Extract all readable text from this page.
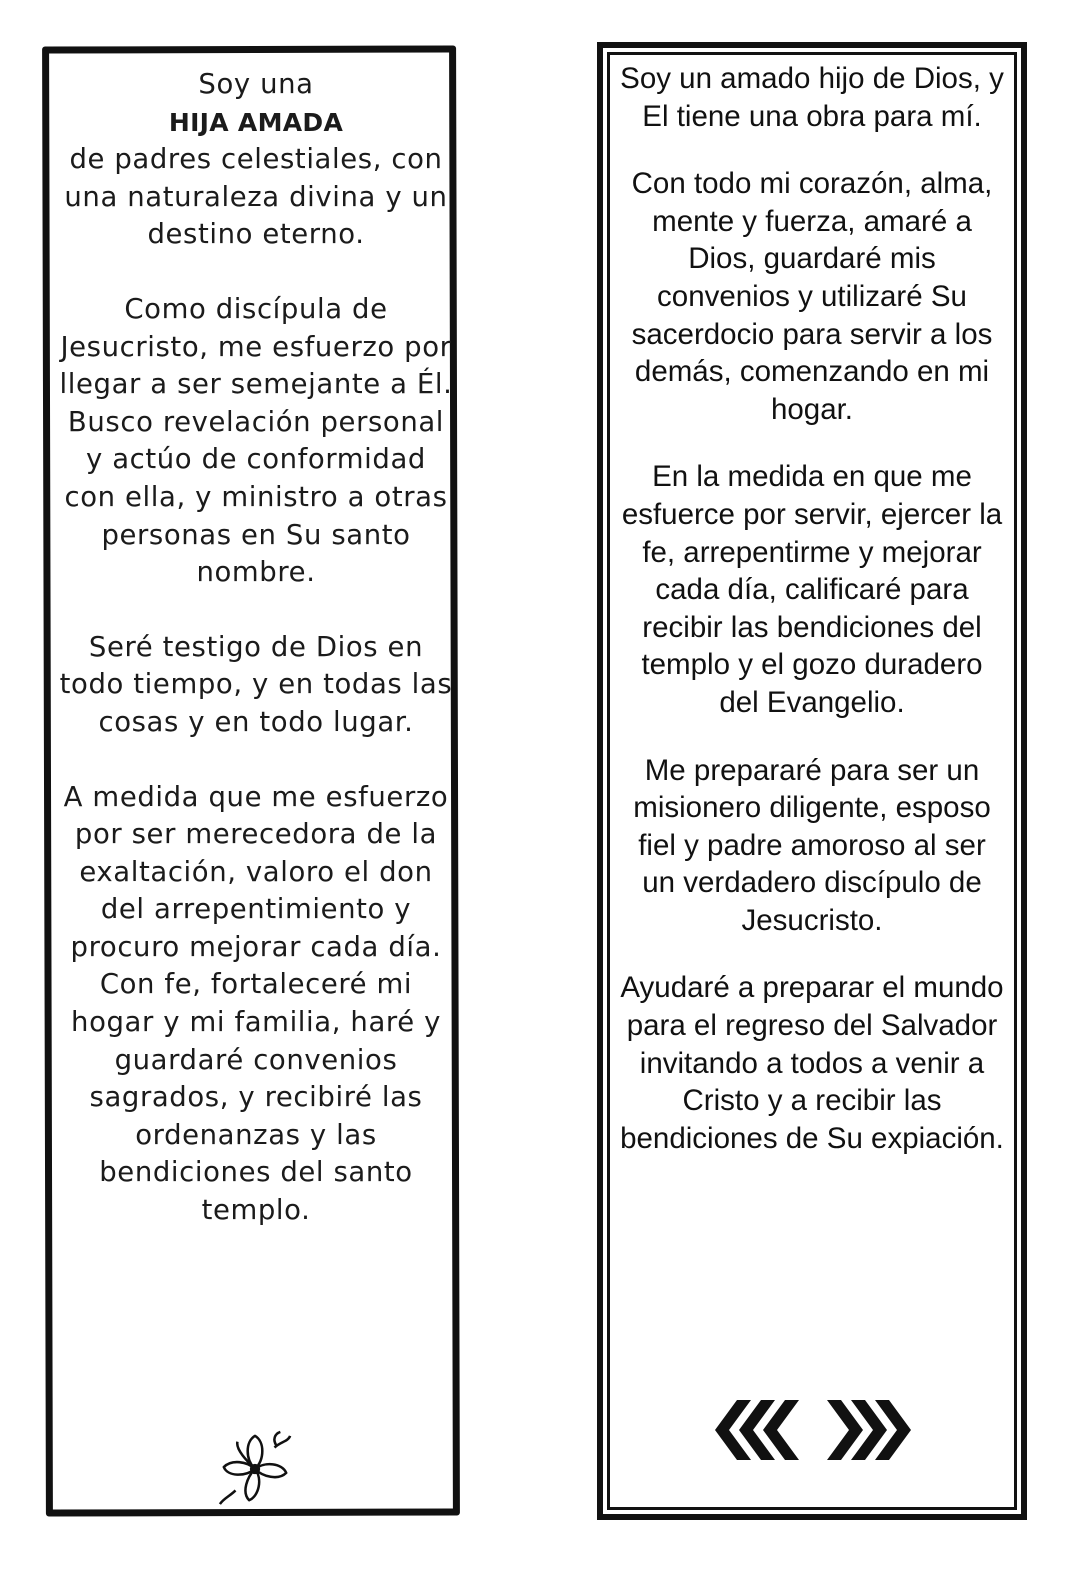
Soy una
HIJA AMADA
de padres celestiales, con una naturaleza divina y un destino eterno.

Como discípula de Jesucristo, me esfuerzo por llegar a ser semejante a Él. Busco revelación personal y actúo de conformidad con ella, y ministro a otras personas en Su santo nombre.

Seré testigo de Dios en todo tiempo, y en todas las cosas y en todo lugar.

A medida que me esfuerzo por ser merecedora de la exaltación, valoro el don del arrepentimiento y procuro mejorar cada día. Con fe, fortaleceré mi hogar y mi familia, haré y guardaré convenios sagrados, y recibiré las ordenanzas y las bendiciones del santo templo.

Soy un amado hijo de Dios, y El tiene una obra para mí.

Con todo mi corazón, alma, mente y fuerza, amaré a Dios, guardaré mis convenios y utilizaré Su sacerdocio para servir a los demás, comenzando en mi hogar.

En la medida en que me esfuerce por servir, ejercer la fe, arrepentirme y mejorar cada día, calificaré para recibir las bendiciones del templo y el gozo duradero del Evangelio.

Me prepararé para ser un misionero diligente, esposo fiel y padre amoroso al ser un verdadero discípulo de Jesucristo.

Ayudaré a preparar el mundo para el regreso del Salvador invitando a todos a venir a Cristo y a recibir las bendiciones de Su expiación.
